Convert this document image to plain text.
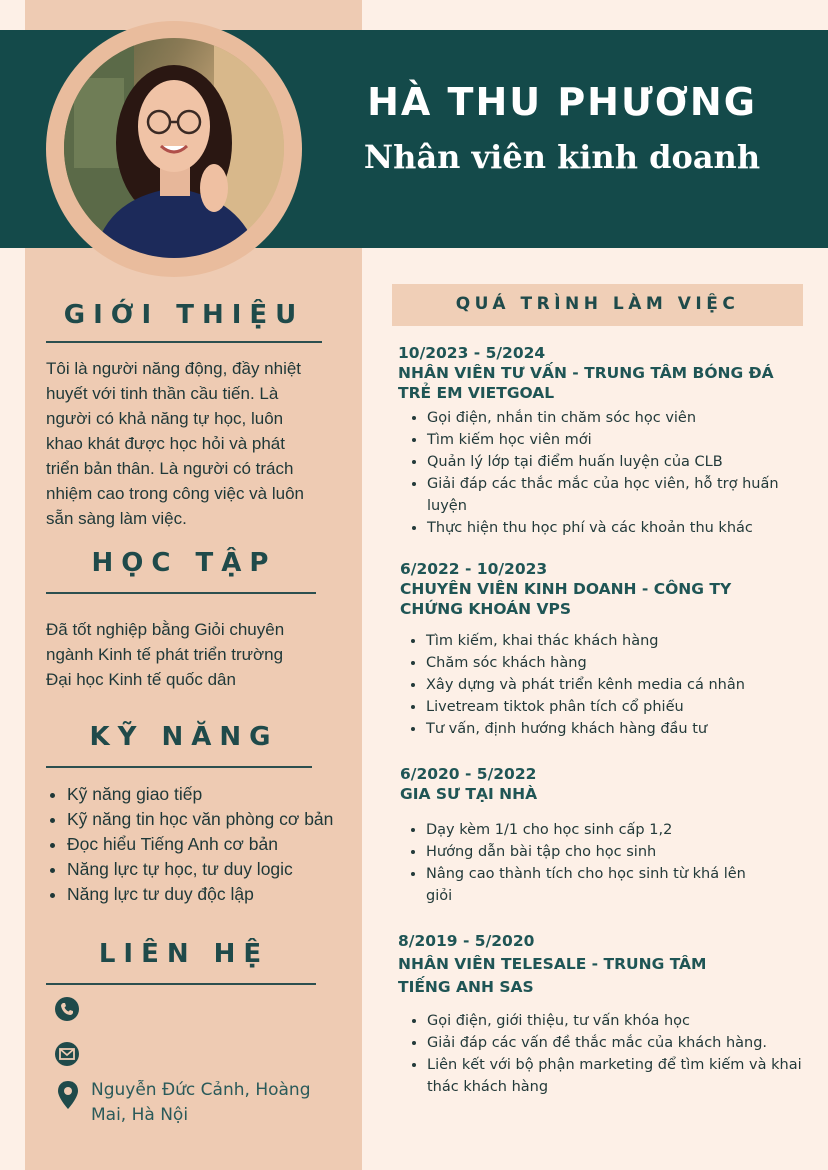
HÀ THU PHƯƠNG
Nhân viên kinh doanh
GIỚI THIỆU
Tôi là người năng động, đầy nhiệt
huyết với tinh thần cầu tiến. Là
người có khả năng tự học, luôn
khao khát được học hỏi và phát
triển bản thân. Là người có trách
nhiệm cao trong công việc và luôn
sẵn sàng làm việc.
HỌC TẬP
Đã tốt nghiệp bằng Giỏi chuyên
ngành Kinh tế phát triển trường
Đại học Kinh tế quốc dân
KỸ NĂNG
• Kỹ năng giao tiếp
• Kỹ năng tin học văn phòng cơ bản
• Đọc hiểu Tiếng Anh cơ bản
• Năng lực tự học, tư duy logic
• Năng lực tư duy độc lập
LIÊN HỆ
Nguyễn Đức Cảnh, Hoàng
Mai, Hà Nội
QUÁ TRÌNH LÀM VIỆC
10/2023 - 5/2024
NHÂN VIÊN TƯ VẤN - TRUNG TÂM BÓNG ĐÁ
TRẺ EM VIETGOAL
• Gọi điện, nhắn tin chăm sóc học viên
• Tìm kiếm học viên mới
• Quản lý lớp tại điểm huấn luyện của CLB
• Giải đáp các thắc mắc của học viên, hỗ trợ huấn luyện
• Thực hiện thu học phí và các khoản thu khác
6/2022 - 10/2023
CHUYÊN VIÊN KINH DOANH - CÔNG TY
CHỨNG KHOÁN VPS
• Tìm kiếm, khai thác khách hàng
• Chăm sóc khách hàng
• Xây dựng và phát triển kênh media cá nhân
• Livetream tiktok phân tích cổ phiếu
• Tư vấn, định hướng khách hàng đầu tư
6/2020 - 5/2022
GIA SƯ TẠI NHÀ
• Dạy kèm 1/1 cho học sinh cấp 1,2
• Hướng dẫn bài tập cho học sinh
• Nâng cao thành tích cho học sinh từ khá lên giỏi
8/2019 - 5/2020
NHÂN VIÊN TELESALE - TRUNG TÂM
TIẾNG ANH SAS
• Gọi điện, giới thiệu, tư vấn khóa học
• Giải đáp các vấn đề thắc mắc của khách hàng.
• Liên kết với bộ phận marketing để tìm kiếm và khai thác khách hàng
